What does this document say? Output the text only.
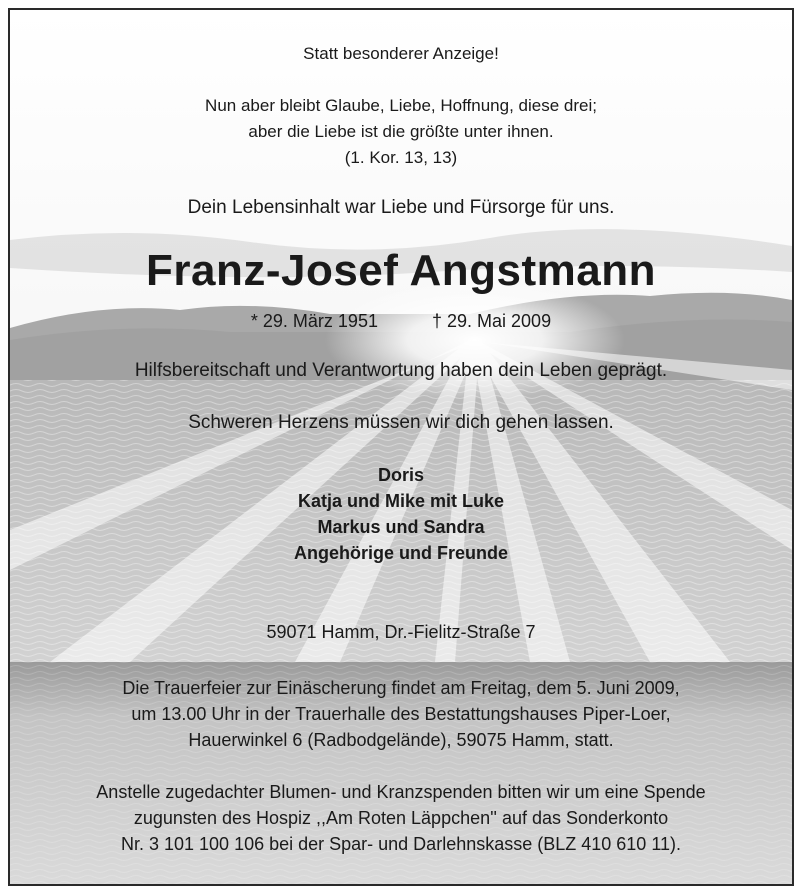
Statt besonderer Anzeige!
Nun aber bleibt Glaube, Liebe, Hoffnung, diese drei;
aber die Liebe ist die größte unter ihnen.
(1. Kor. 13, 13)
Dein Lebensinhalt war Liebe und Fürsorge für uns.
Franz-Josef Angstmann
* 29. März 1951	† 29. Mai 2009
Hilfsbereitschaft und Verantwortung haben dein Leben geprägt.
Schweren Herzens müssen wir dich gehen lassen.
Doris
Katja und Mike mit Luke
Markus und Sandra
Angehörige und Freunde
59071 Hamm, Dr.-Fielitz-Straße 7
Die Trauerfeier zur Einäscherung findet am Freitag, dem 5. Juni 2009,
um 13.00 Uhr in der Trauerhalle des Bestattungshauses Piper-Loer,
Hauerwinkel 6 (Radbodgelände), 59075 Hamm, statt.
Anstelle zugedachter Blumen- und Kranzspenden bitten wir um eine Spende
zugunsten des Hospiz ,,Am Roten Läppchen'' auf das Sonderkonto
Nr. 3 101 100 106 bei der Spar- und Darlehnskasse (BLZ 410 610 11).
